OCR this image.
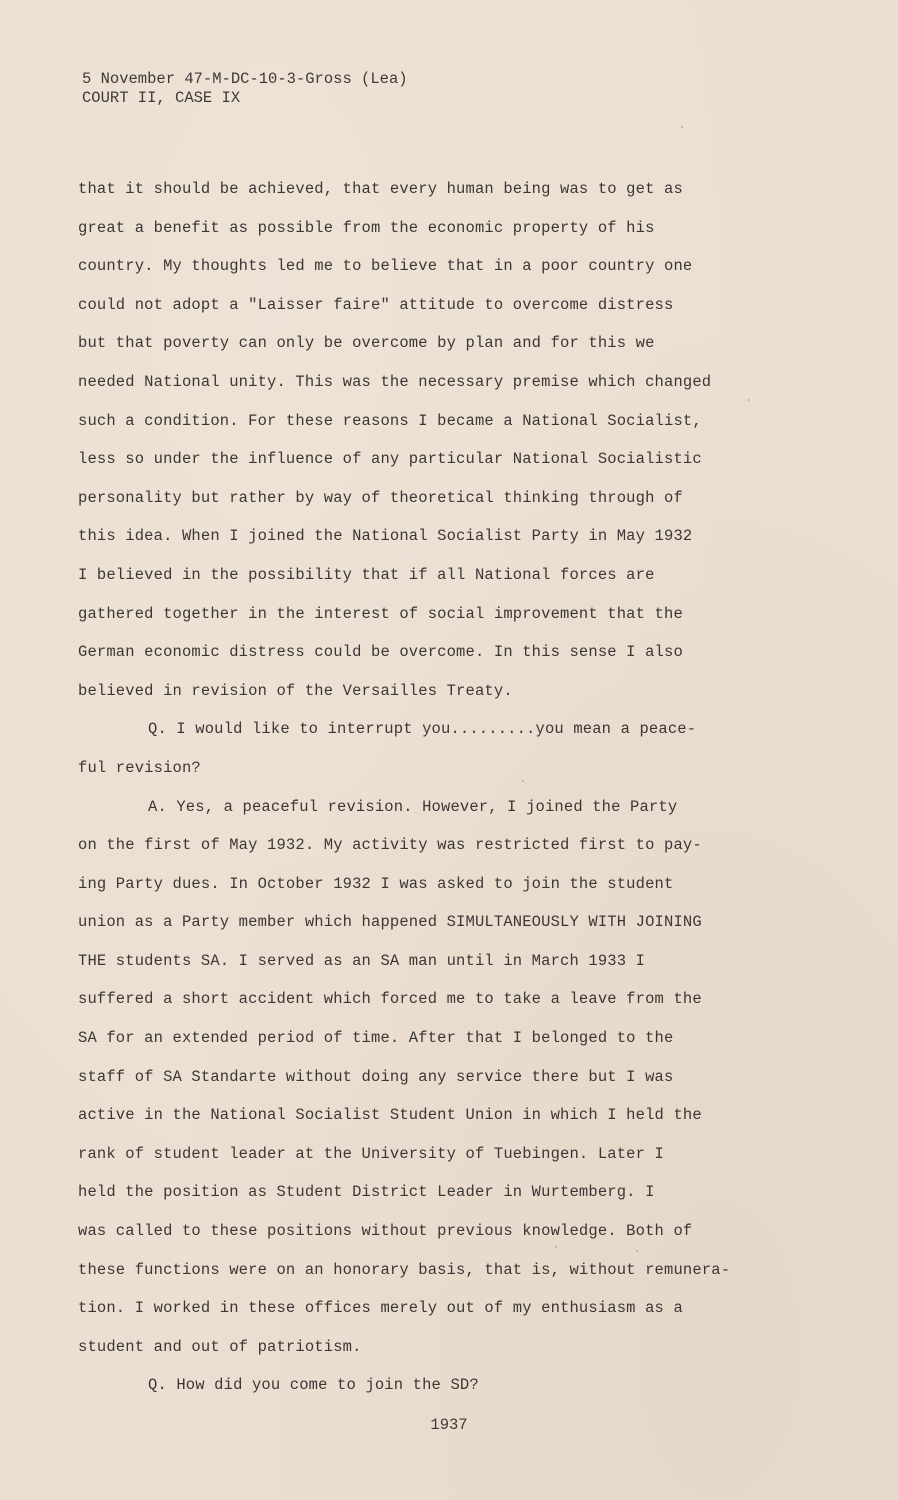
5 November 47-M-DC-10-3-Gross (Lea)
COURT II, CASE IX
that it should be achieved, that every human being was to get as
great a benefit as possible from the economic property of his
country. My thoughts led me to believe that in a poor country one
could not adopt a "Laisser faire" attitude to overcome distress
but that poverty can only be overcome by plan and for this we
needed National unity. This was the necessary premise which changed
such a condition. For these reasons I became a National Socialist,
less so under the influence of any particular National Socialistic
personality but rather by way of theoretical thinking through of
this idea. When I joined the National Socialist Party in May 1932
I believed in the possibility that if all National forces are
gathered together in the interest of social improvement that the
German economic distress could be overcome. In this sense I also
believed in revision of the Versailles Treaty.
Q. I would like to interrupt you.........you mean a peace-
ful revision?
A. Yes, a peaceful revision. However, I joined the Party
on the first of May 1932. My activity was restricted first to pay-
ing Party dues. In October 1932 I was asked to join the student
union as a Party member which happened SIMULTANEOUSLY WITH JOINING
THE students SA. I served as an SA man until in March 1933 I
suffered a short accident which forced me to take a leave from the
SA for an extended period of time. After that I belonged to the
staff of SA Standarte without doing any service there but I was
active in the National Socialist Student Union in which I held the
rank of student leader at the University of Tuebingen. Later I
held the position as Student District Leader in Wurtemberg. I
was called to these positions without previous knowledge. Both of
these functions were on an honorary basis, that is, without remunera-
tion. I worked in these offices merely out of my enthusiasm as a
student and out of patriotism.
Q. How did you come to join the SD?
1937
